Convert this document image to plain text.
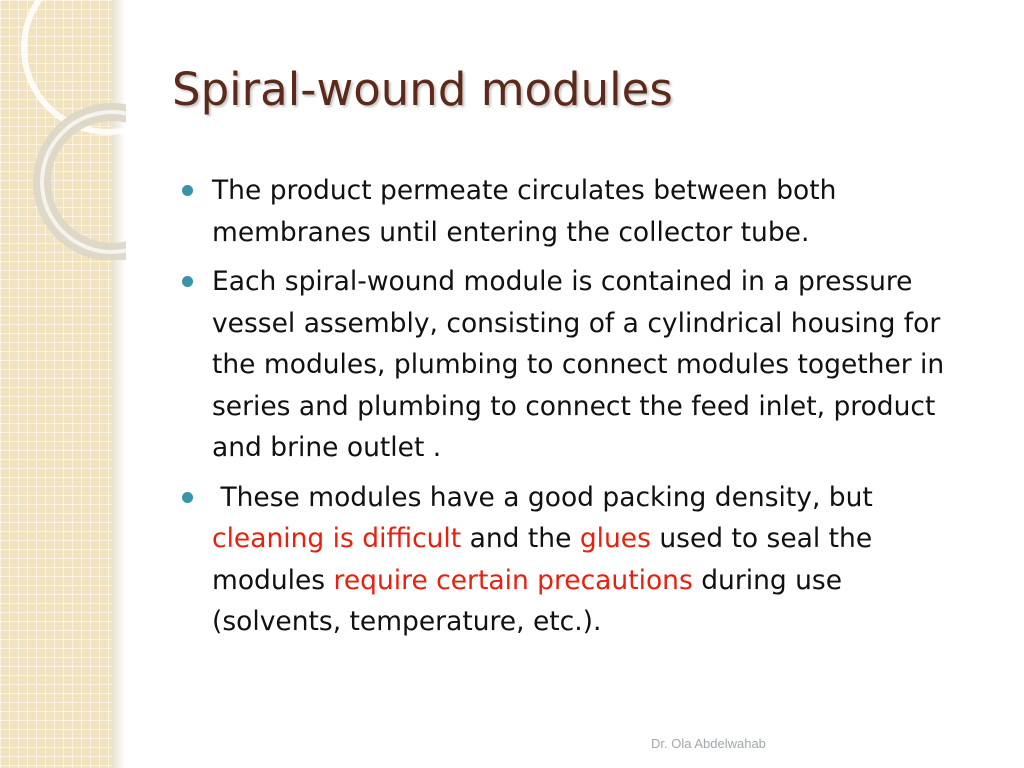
Spiral-wound modules
The product permeate circulates between both membranes until entering the collector tube.
Each spiral-wound module is contained in a pressure vessel assembly, consisting of a cylindrical housing for the modules, plumbing to connect modules together in series and plumbing to connect the feed inlet, product and brine outlet .
These modules have a good packing density, but cleaning is difficult and the glues used to seal the modules require certain precautions during use (solvents, temperature, etc.).
Dr. Ola Abdelwahab
